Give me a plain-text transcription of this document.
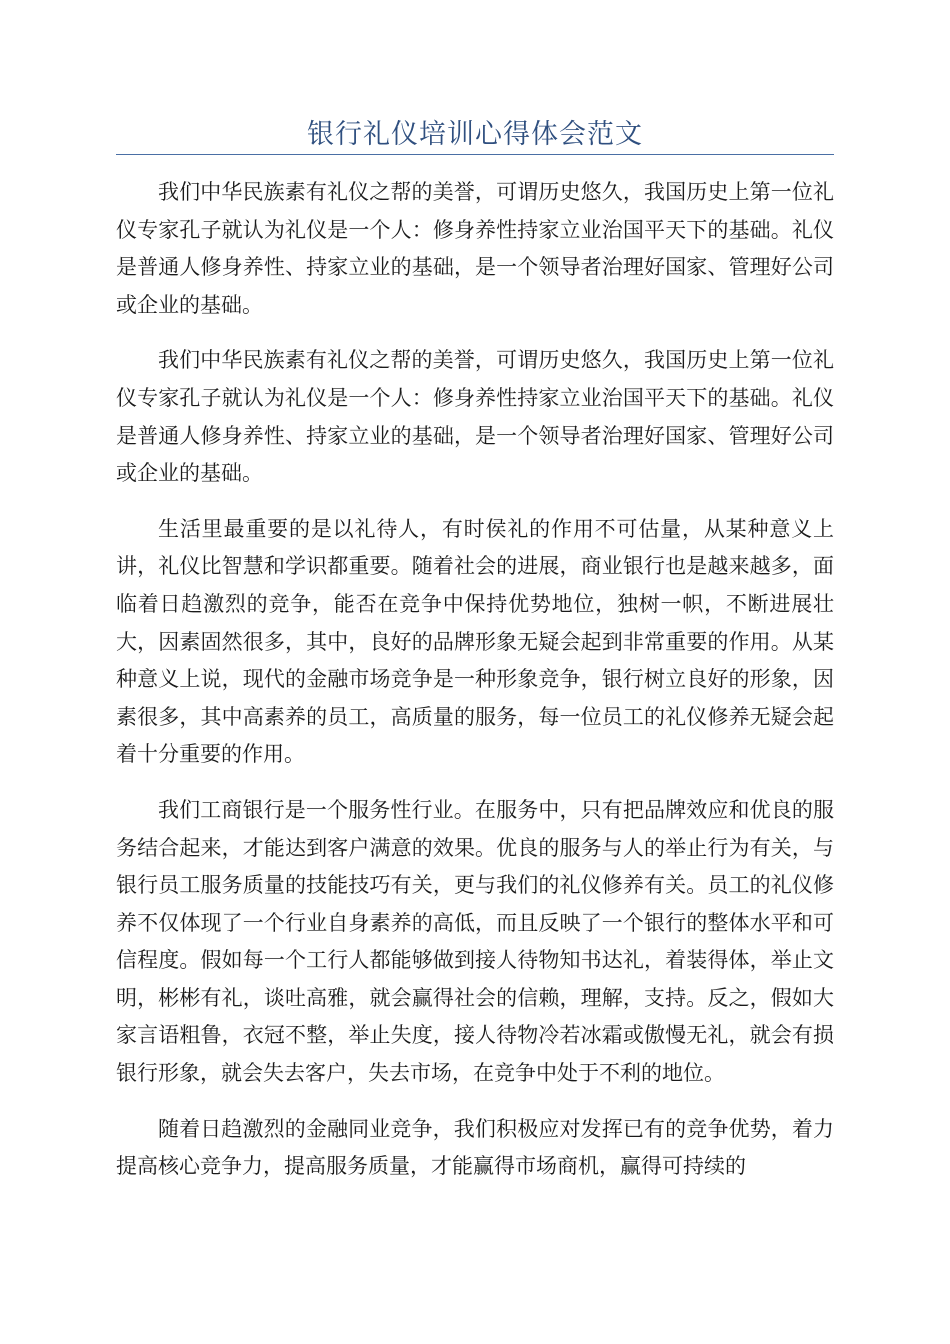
银行礼仪培训心得体会范文

我们中华民族素有礼仪之帮的美誉，可谓历史悠久，我国历史上第一位礼仪专家孔子就认为礼仪是一个人：修身养性持家立业治国平天下的基础。礼仪是普通人修身养性、持家立业的基础，是一个领导者治理好国家、管理好公司或企业的基础。

我们中华民族素有礼仪之帮的美誉，可谓历史悠久，我国历史上第一位礼仪专家孔子就认为礼仪是一个人：修身养性持家立业治国平天下的基础。礼仪是普通人修身养性、持家立业的基础，是一个领导者治理好国家、管理好公司或企业的基础。

生活里最重要的是以礼待人，有时侯礼的作用不可估量，从某种意义上讲，礼仪比智慧和学识都重要。随着社会的进展，商业银行也是越来越多，面临着日趋激烈的竞争，能否在竞争中保持优势地位，独树一帜，不断进展壮大，因素固然很多，其中，良好的品牌形象无疑会起到非常重要的作用。从某种意义上说，现代的金融市场竞争是一种形象竞争，银行树立良好的形象，因素很多，其中高素养的员工，高质量的服务，每一位员工的礼仪修养无疑会起着十分重要的作用。

我们工商银行是一个服务性行业。在服务中，只有把品牌效应和优良的服务结合起来，才能达到客户满意的效果。优良的服务与人的举止行为有关，与银行员工服务质量的技能技巧有关，更与我们的礼仪修养有关。员工的礼仪修养不仅体现了一个行业自身素养的高低，而且反映了一个银行的整体水平和可信程度。假如每一个工行人都能够做到接人待物知书达礼，着装得体，举止文明，彬彬有礼，谈吐高雅，就会赢得社会的信赖，理解，支持。反之，假如大家言语粗鲁，衣冠不整，举止失度，接人待物冷若冰霜或傲慢无礼，就会有损银行形象，就会失去客户，失去市场，在竞争中处于不利的地位。

随着日趋激烈的金融同业竞争，我们积极应对发挥已有的竞争优势，着力提高核心竞争力，提高服务质量，才能赢得市场商机，赢得可持续的
